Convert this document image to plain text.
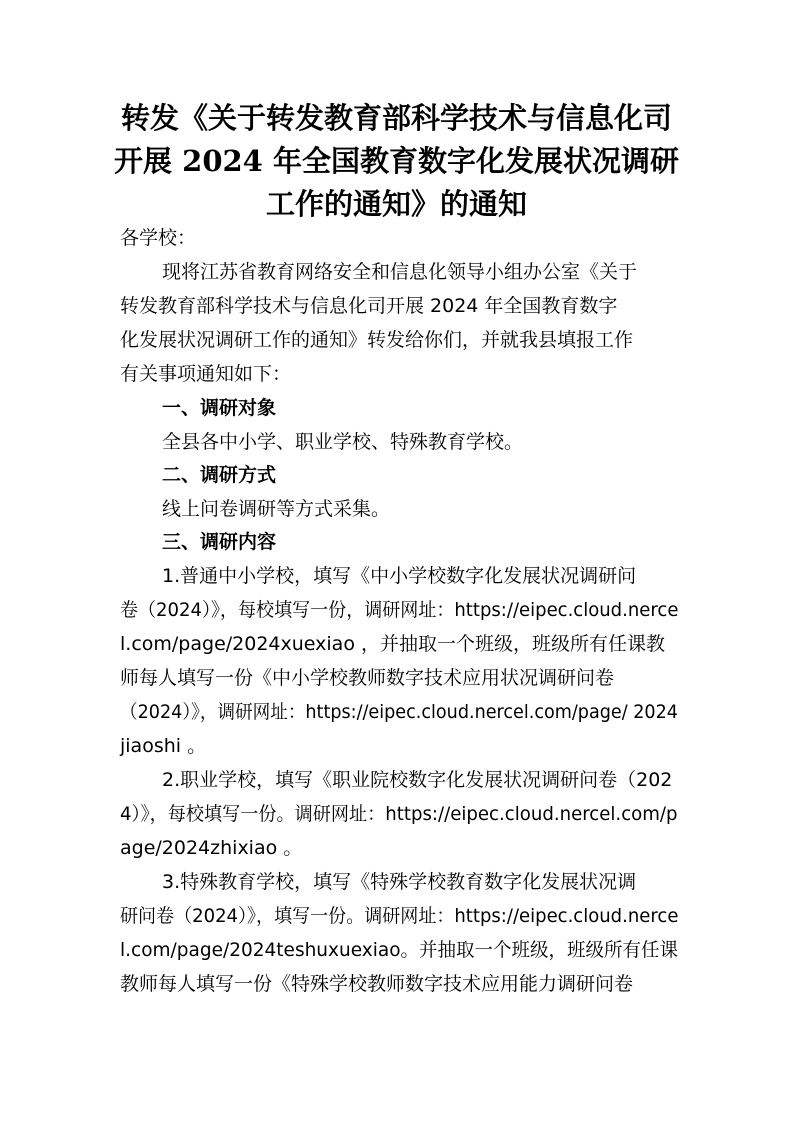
转发《关于转发教育部科学技术与信息化司

开展 2024 年全国教育数字化发展状况调研

工作的通知》的通知

各学校：

现将江苏省教育网络安全和信息化领导小组办公室《关于

转发教育部科学技术与信息化司开展 2024 年全国教育数字

化发展状况调研工作的通知》转发给你们，并就我县填报工作

有关事项通知如下：

一、调研对象

全县各中小学、职业学校、特殊教育学校。

二、调研方式

线上问卷调研等方式采集。

三、调研内容

1.普通中小学校，填写《中小学校数字化发展状况调研问

卷（2024）》，每校填写一份，调研网址：https://eipec.cloud.nerce

l.com/page/2024xuexiao ，并抽取一个班级，班级所有任课教

师每人填写一份《中小学校教师数字技术应用状况调研问卷

（2024）》，调研网址：https://eipec.cloud.nercel.com/page/ 2024

jiaoshi 。

2.职业学校，填写《职业院校数字化发展状况调研问卷（202

4）》，每校填写一份。调研网址：https://eipec.cloud.nercel.com/p

age/2024zhixiao 。

3.特殊教育学校，填写《特殊学校教育数字化发展状况调

研问卷（2024）》，填写一份。调研网址：https://eipec.cloud.nerce

l.com/page/2024teshuxuexiao。并抽取一个班级，班级所有任课

教师每人填写一份《特殊学校教师数字技术应用能力调研问卷
